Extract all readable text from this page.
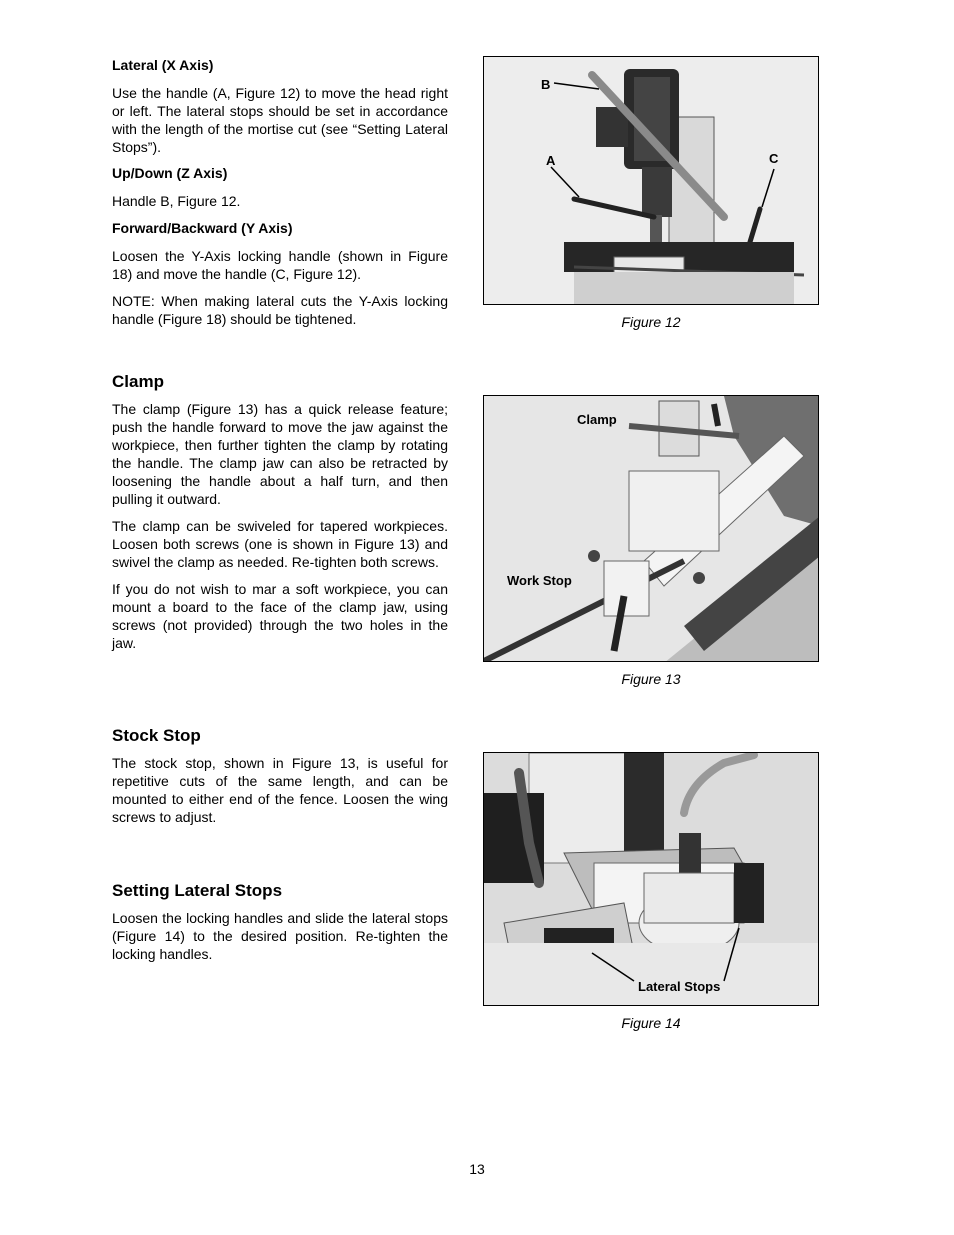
Lateral (X Axis)

Use the handle (A, Figure 12) to move the head right or left. The lateral stops should be set in accordance with the length of the mortise cut (see “Setting Lateral Stops”).

Up/Down (Z Axis)

Handle B, Figure 12.

Forward/Backward (Y Axis)

Loosen the Y-Axis locking handle (shown in Figure 18) and move the handle (C, Figure 12).

NOTE: When making lateral cuts the Y-Axis locking handle (Figure 18) should be tightened.

Clamp

The clamp (Figure 13) has a quick release feature; push the handle forward to move the jaw against the workpiece, then further tighten the clamp by rotating the handle. The clamp jaw can also be retracted by loosening the handle about a half turn, and then pulling it outward.

The clamp can be swiveled for tapered workpieces. Loosen both screws (one is shown in Figure 13) and swivel the clamp as needed. Re-tighten both screws.

If you do not wish to mar a soft workpiece, you can mount a board to the face of the clamp jaw, using screws (not provided) through the two holes in the jaw.

Stock Stop

The stock stop, shown in Figure 13, is useful for repetitive cuts of the same length, and can be mounted to either end of the fence. Loosen the wing screws to adjust.

Setting Lateral Stops

Loosen the locking handles and slide the lateral stops (Figure 14) to the desired position. Re-tighten the locking handles.

B
A	C
Figure 12
Clamp
Work Stop
Figure 13
Lateral Stops
Figure 14
13
